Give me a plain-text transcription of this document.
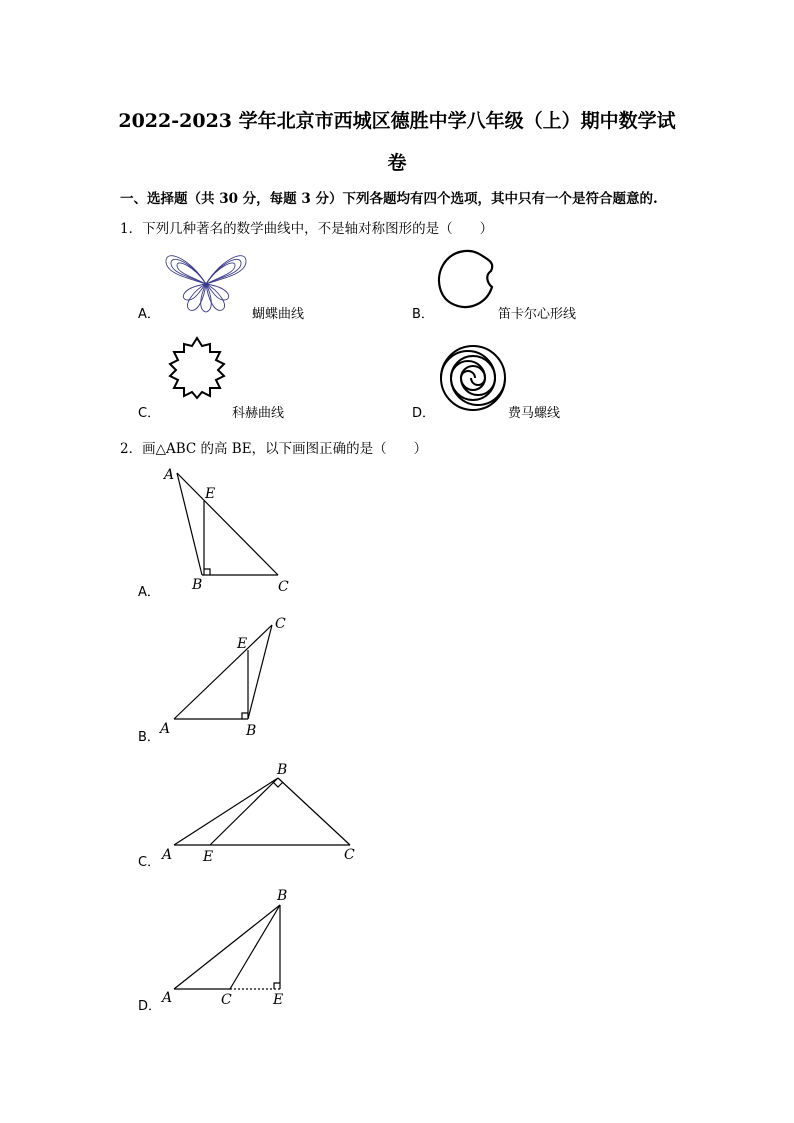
2022-2023 学年北京市西城区德胜中学八年级（上）期中数学试
卷
一、选择题（共 30 分，每题 3 分）下列各题均有四个选项，其中只有一个是符合题意的.
1．下列几种著名的数学曲线中，不是轴对称图形的是（　　）
A．	蝴蝶曲线	B．	笛卡尔心形线
C．	科赫曲线	D．	费马螺线
2．画△ABC 的高 BE，以下画图正确的是（　　）
A．
A
E
B	C
B．
A
E
B
C
C． A E
B
C
D．
A	C
B
E
